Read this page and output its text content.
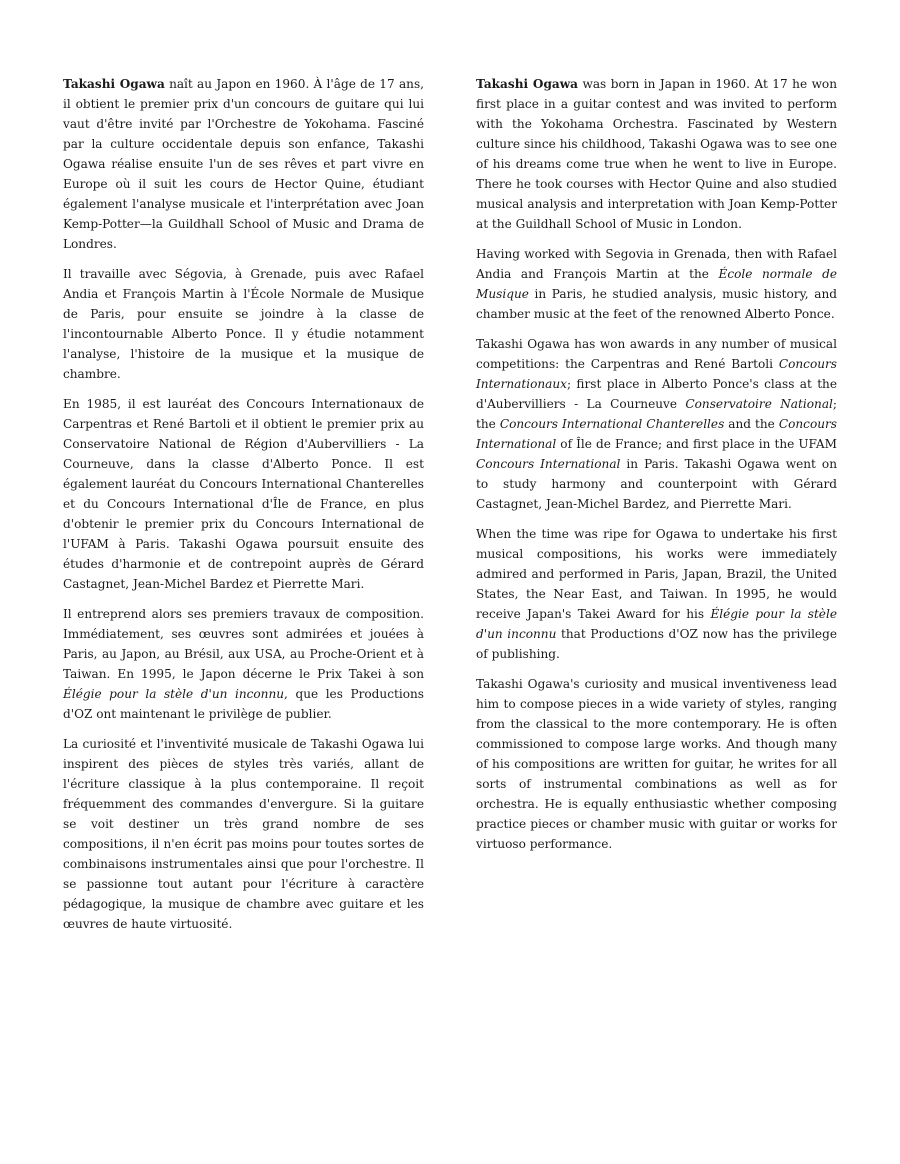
Takashi Ogawa naît au Japon en 1960. À l'âge de 17 ans, il obtient le premier prix d'un concours de guitare qui lui vaut d'être invité par l'Orchestre de Yokohama. Fasciné par la culture occidentale depuis son enfance, Takashi Ogawa réalise ensuite l'un de ses rêves et part vivre en Europe où il suit les cours de Hector Quine, étudiant également l'analyse musicale et l'interprétation avec Joan Kemp-Potter—la Guildhall School of Music and Drama de Londres.

Il travaille avec Ségovia, à Grenade, puis avec Rafael Andia et François Martin à l'École Normale de Musique de Paris, pour ensuite se joindre à la classe de l'incontournable Alberto Ponce. Il y étudie notamment l'analyse, l'histoire de la musique et la musique de chambre.

En 1985, il est lauréat des Concours Internationaux de Carpentras et René Bartoli et il obtient le premier prix au Conservatoire National de Région d'Aubervilliers - La Courneuve, dans la classe d'Alberto Ponce. Il est également lauréat du Concours International Chanterelles et du Concours International d'Île de France, en plus d'obtenir le premier prix du Concours International de l'UFAM à Paris. Takashi Ogawa poursuit ensuite des études d'harmonie et de contrepoint auprès de Gérard Castagnet, Jean-Michel Bardez et Pierrette Mari.

Il entreprend alors ses premiers travaux de composition. Immédiatement, ses œuvres sont admirées et jouées à Paris, au Japon, au Brésil, aux USA, au Proche-Orient et à Taiwan. En 1995, le Japon décerne le Prix Takei à son Élégie pour la stèle d'un inconnu, que les Productions d'OZ ont maintenant le privilège de publier.

La curiosité et l'inventivité musicale de Takashi Ogawa lui inspirent des pièces de styles très variés, allant de l'écriture classique à la plus contemporaine. Il reçoit fréquemment des commandes d'envergure. Si la guitare se voit destiner un très grand nombre de ses compositions, il n'en écrit pas moins pour toutes sortes de combinaisons instrumentales ainsi que pour l'orchestre. Il se passionne tout autant pour l'écriture à caractère pédagogique, la musique de chambre avec guitare et les œuvres de haute virtuosité.

Takashi Ogawa was born in Japan in 1960. At 17 he won first place in a guitar contest and was invited to perform with the Yokohama Orchestra. Fascinated by Western culture since his childhood, Takashi Ogawa was to see one of his dreams come true when he went to live in Europe. There he took courses with Hector Quine and also studied musical analysis and interpretation with Joan Kemp-Potter at the Guildhall School of Music in London.

Having worked with Segovia in Grenada, then with Rafael Andia and François Martin at the École normale de Musique in Paris, he studied analysis, music history, and chamber music at the feet of the renowned Alberto Ponce.

Takashi Ogawa has won awards in any number of musical competitions: the Carpentras and René Bartoli Concours Internationaux; first place in Alberto Ponce's class at the d'Aubervilliers - La Courneuve Conservatoire National; the Concours International Chanterelles and the Concours International of Île de France; and first place in the UFAM Concours International in Paris. Takashi Ogawa went on to study harmony and counterpoint with Gérard Castagnet, Jean-Michel Bardez, and Pierrette Mari.

When the time was ripe for Ogawa to undertake his first musical compositions, his works were immediately admired and performed in Paris, Japan, Brazil, the United States, the Near East, and Taiwan. In 1995, he would receive Japan's Takei Award for his Élégie pour la stèle d'un inconnu that Productions d'OZ now has the privilege of publishing.

Takashi Ogawa's curiosity and musical inventiveness lead him to compose pieces in a wide variety of styles, ranging from the classical to the more contemporary. He is often commissioned to compose large works. And though many of his compositions are written for guitar, he writes for all sorts of instrumental combinations as well as for orchestra. He is equally enthusiastic whether composing practice pieces or chamber music with guitar or works for virtuoso performance.
